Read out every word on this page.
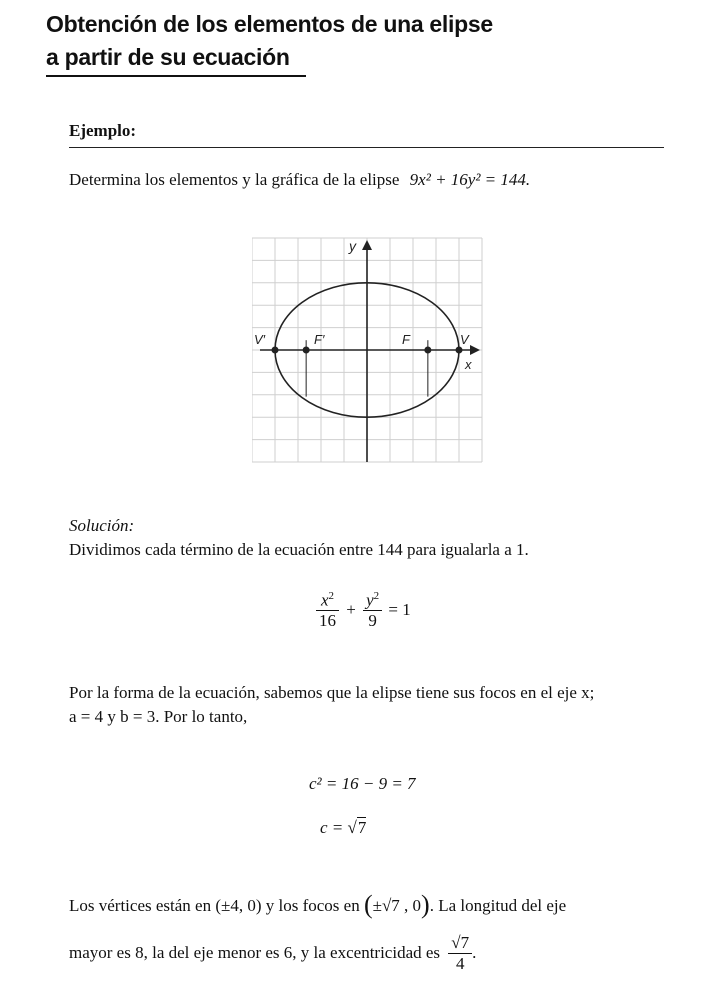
Obtención de los elementos de una elipse
a partir de su ecuación
Ejemplo:
Determina los elementos y la gráfica de la elipse 9x² + 16y² = 144.
y
x
V′	F′	F	V
Solución:
Dividimos cada término de la ecuación entre 144 para igualarla a 1.
$\frac{x^2}{16} + \frac{y^2}{9} = 1$
Por la forma de la ecuación, sabemos que la elipse tiene sus focos en el eje x;
a = 4 y b = 3. Por lo tanto,
c² = 16 − 9 = 7
c = √7
Los vértices están en (±4, 0) y los focos en (±√7 , 0). La longitud del eje
mayor es 8, la del eje menor es 6, y la excentricidad es $\frac{√7}{4}$ .
